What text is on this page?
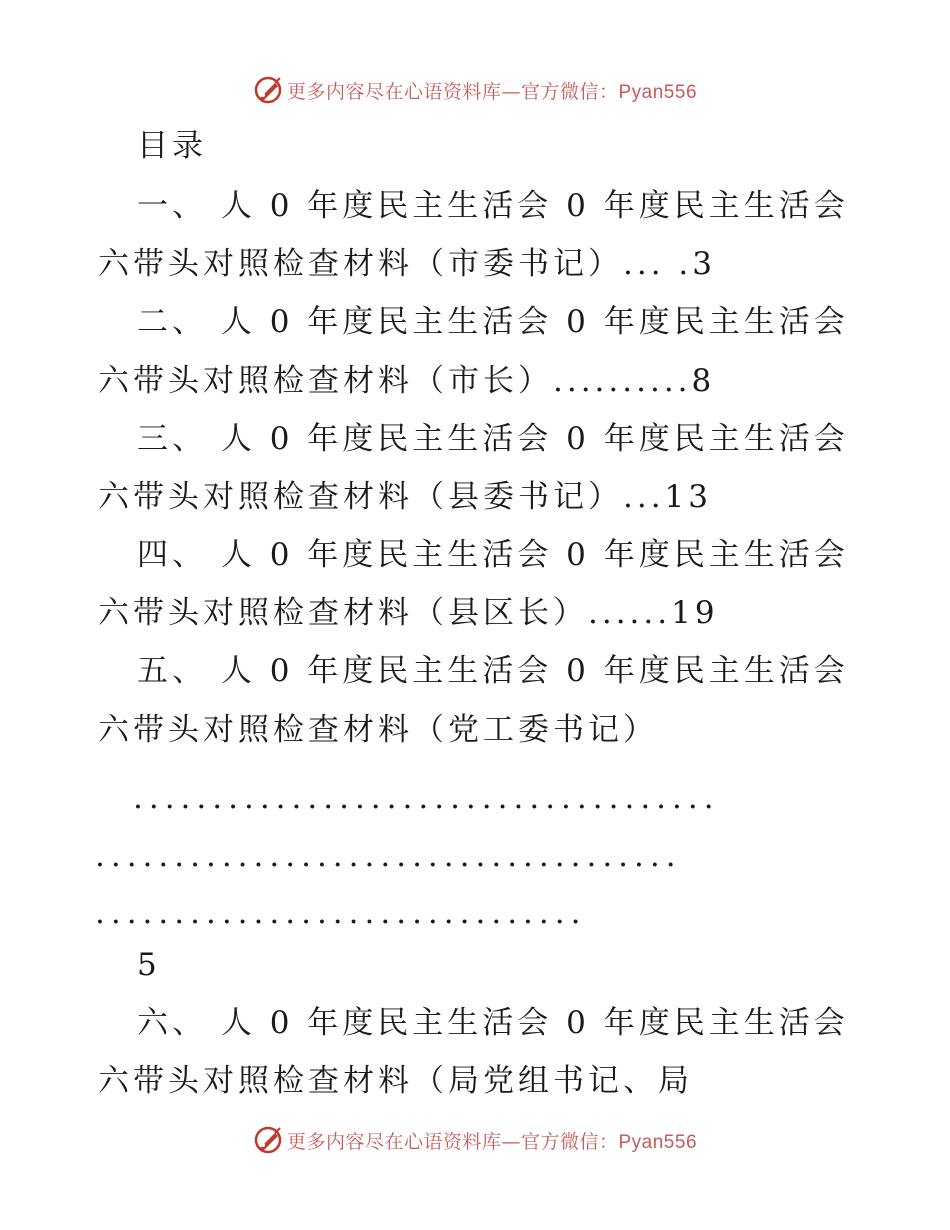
更多内容尽在心语资料库—官方微信：Pyan556
目录
一、 人 0 年度民主生活会 0 年度民主生活会
六带头对照检查材料（市委书记）... .3
二、 人 0 年度民主生活会 0 年度民主生活会
六带头对照检查材料（市长）..........8
三、 人 0 年度民主生活会 0 年度民主生活会
六带头对照检查材料（县委书记）...13
四、 人 0 年度民主生活会 0 年度民主生活会
六带头对照检查材料（县区长）......19
五、 人 0 年度民主生活会 0 年度民主生活会
六带头对照检查材料（党工委书记）
.....................................
.....................................
...............................
5
六、 人 0 年度民主生活会 0 年度民主生活会
六带头对照检查材料（局党组书记、局
更多内容尽在心语资料库—官方微信：Pyan556
